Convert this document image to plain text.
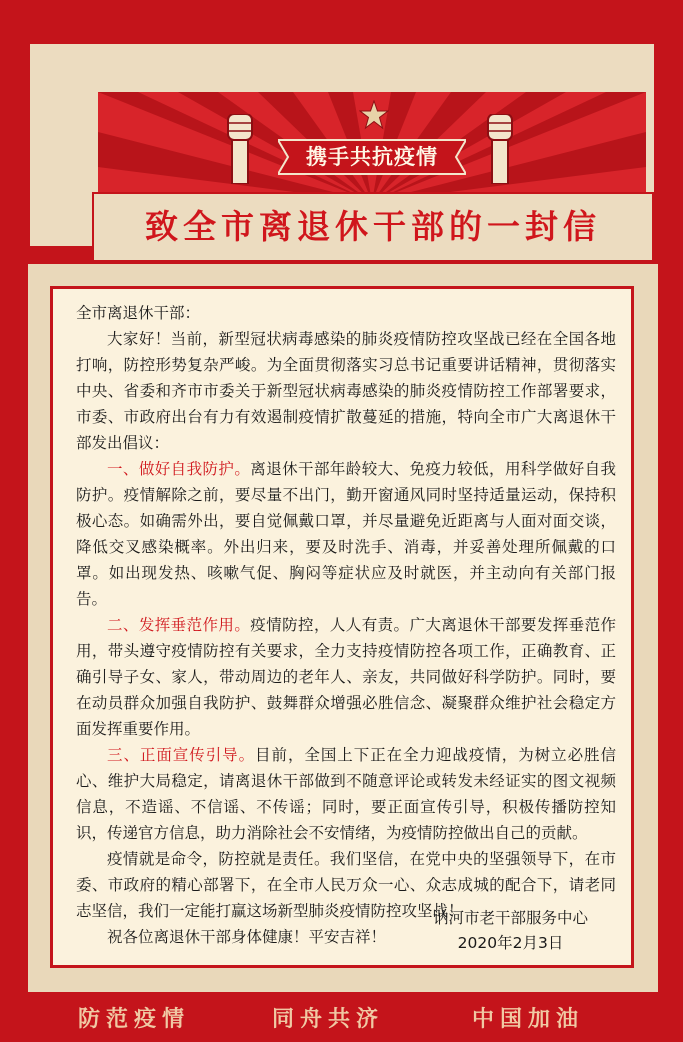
携手共抗疫情
致全市离退休干部的一封信

全市离退休干部：

大家好！当前，新型冠状病毒感染的肺炎疫情防控攻坚战已经在全国各地打响，防控形势复杂严峻。为全面贯彻落实习总书记重要讲话精神，贯彻落实中央、省委和齐市市委关于新型冠状病毒感染的肺炎疫情防控工作部署要求，市委、市政府出台有力有效遏制疫情扩散蔓延的措施，特向全市广大离退休干部发出倡议：

一、做好自我防护。离退休干部年龄较大、免疫力较低，用科学做好自我防护。疫情解除之前，要尽量不出门，勤开窗通风同时坚持适量运动，保持积极心态。如确需外出，要自觉佩戴口罩，并尽量避免近距离与人面对面交谈，降低交叉感染概率。外出归来，要及时洗手、消毒，并妥善处理所佩戴的口罩。如出现发热、咳嗽气促、胸闷等症状应及时就医，并主动向有关部门报告。

二、发挥垂范作用。疫情防控，人人有责。广大离退休干部要发挥垂范作用，带头遵守疫情防控有关要求，全力支持疫情防控各项工作，正确教育、正确引导子女、家人，带动周边的老年人、亲友，共同做好科学防护。同时，要在动员群众加强自我防护、鼓舞群众增强必胜信念、凝聚群众维护社会稳定方面发挥重要作用。

三、正面宣传引导。目前，全国上下正在全力迎战疫情，为树立必胜信心、维护大局稳定，请离退休干部做到不随意评论或转发未经证实的图文视频信息，不造谣、不信谣、不传谣；同时，要正面宣传引导，积极传播防控知识，传递官方信息，助力消除社会不安情绪，为疫情防控做出自己的贡献。

疫情就是命令，防控就是责任。我们坚信，在党中央的坚强领导下，在市委、市政府的精心部署下，在全市人民万众一心、众志成城的配合下，请老同志坚信，我们一定能打赢这场新型肺炎疫情防控攻坚战！

祝各位离退休干部身体健康！平安吉祥！

讷河市老干部服务中心
2020年2月3日
防范疫情	同舟共济	中国加油
